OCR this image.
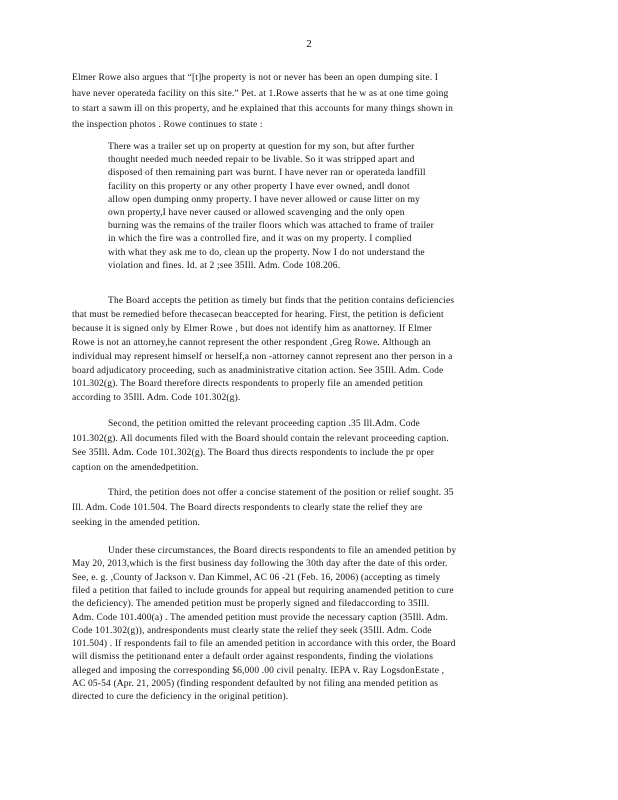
2
Elmer Rowe also argues that “[t]he property is not or never has been an open dumping site. I
have never operateda facility on this site.” Pet. at 1.Rowe asserts that he w as at one time going
to start a sawm ill on this property, and he explained that this accounts for many things shown in
the inspection photos . Rowe continues to state :
There was a trailer set up on property at question for my son, but after further
thought needed much needed repair to be livable. So it was stripped apart and
disposed of then remaining part was burnt. I have never ran or operateda landfill
facility on this property or any other property I have ever owned, andI donot
allow open dumping onmy property. I have never allowed or cause litter on my
own property,I have never caused or allowed scavenging and the only open
burning was the remains of the trailer floors which was attached to frame of trailer
in which the fire was a controlled fire, and it was on my property. I complied
with what they ask me to do, clean up the property. Now I do not understand the
violation and fines. Id. at 2 ;see 35Ill. Adm. Code 108.206.
The Board accepts the petition as timely but finds that the petition contains deficiencies
that must be remedied before thecasecan beaccepted for hearing. First, the petition is deficient
because it is signed only by Elmer Rowe , but does not identify him as anattorney. If Elmer
Rowe is not an attorney,he cannot represent the other respondent ,Greg Rowe. Although an
individual may represent himself or herself,a non -attorney cannot represent ano ther person in a
board adjudicatory proceeding, such as anadministrative citation action. See 35Ill. Adm. Code
101.302(g). The Board therefore directs respondents to properly file an amended petition
according to 35Ill. Adm. Code 101.302(g).
Second, the petition omitted the relevant proceeding caption .35 Ill.Adm. Code
101.302(g). All documents filed with the Board should contain the relevant proceeding caption.
See 35Ill. Adm. Code 101.302(g). The Board thus directs respondents to include the pr oper
caption on the amendedpetition.
Third, the petition does not offer a concise statement of the position or relief sought. 35
Ill. Adm. Code 101.504. The Board directs respondents to clearly state the relief they are
seeking in the amended petition.
Under these circumstances, the Board directs respondents to file an amended petition by
May 20, 2013,which is the first business day following the 30th day after the date of this order.
See, e. g. ,County of Jackson v. Dan Kimmel, AC 06 -21 (Feb. 16, 2006) (accepting as timely
filed a petition that failed to include grounds for appeal but requiring anamended petition to cure
the deficiency). The amended petition must be properly signed and filedaccording to 35Ill.
Adm. Code 101.400(a) . The amended petition must provide the necessary caption (35Ill. Adm.
Code 101.302(g)), andrespondents must clearly state the relief they seek (35Ill. Adm. Code
101.504) . If respondents fail to file an amended petition in accordance with this order, the Board
will dismiss the petitionand enter a default order against respondents, finding the violations
alleged and imposing the corresponding $6,000 .00 civil penalty. IEPA v. Ray LogsdonEstate ,
AC 05-54 (Apr. 21, 2005) (finding respondent defaulted by not filing ana mended petition as
directed to cure the deficiency in the original petition).
